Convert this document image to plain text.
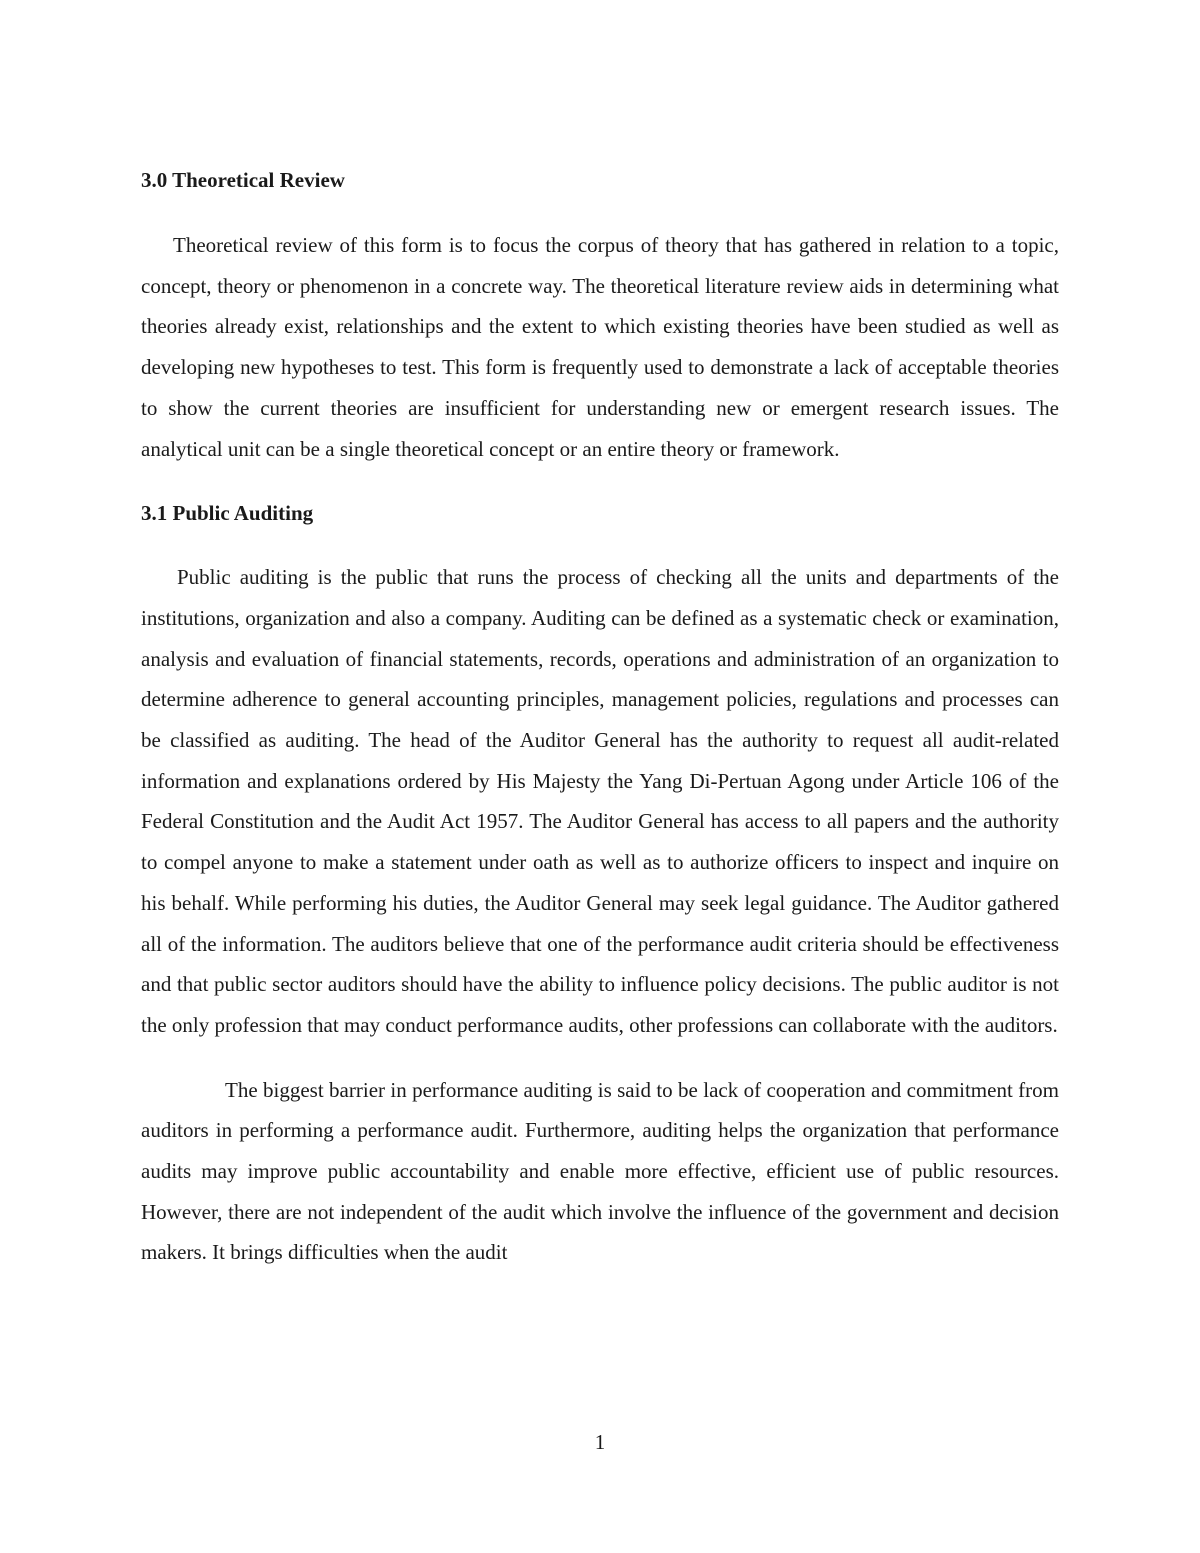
3.0 Theoretical Review

Theoretical review of this form is to focus the corpus of theory that has gathered in relation to a topic, concept, theory or phenomenon in a concrete way. The theoretical literature review aids in determining what theories already exist, relationships and the extent to which existing theories have been studied as well as developing new hypotheses to test. This form is frequently used to demonstrate a lack of acceptable theories to show the current theories are insufficient for understanding new or emergent research issues. The analytical unit can be a single theoretical concept or an entire theory or framework.

3.1 Public Auditing

Public auditing is the public that runs the process of checking all the units and departments of the institutions, organization and also a company. Auditing can be defined as a systematic check or examination, analysis and evaluation of financial statements, records, operations and administration of an organization to determine adherence to general accounting principles, management policies, regulations and processes can be classified as auditing. The head of the Auditor General has the authority to request all audit-related information and explanations ordered by His Majesty the Yang Di-Pertuan Agong under Article 106 of the Federal Constitution and the Audit Act 1957. The Auditor General has access to all papers and the authority to compel anyone to make a statement under oath as well as to authorize officers to inspect and inquire on his behalf. While performing his duties, the Auditor General may seek legal guidance. The Auditor gathered all of the information. The auditors believe that one of the performance audit criteria should be effectiveness and that public sector auditors should have the ability to influence policy decisions. The public auditor is not the only profession that may conduct performance audits, other professions can collaborate with the auditors.

The biggest barrier in performance auditing is said to be lack of cooperation and commitment from auditors in performing a performance audit. Furthermore, auditing helps the organization that performance audits may improve public accountability and enable more effective, efficient use of public resources. However, there are not independent of the audit which involve the influence of the government and decision makers. It brings difficulties when the audit

1
